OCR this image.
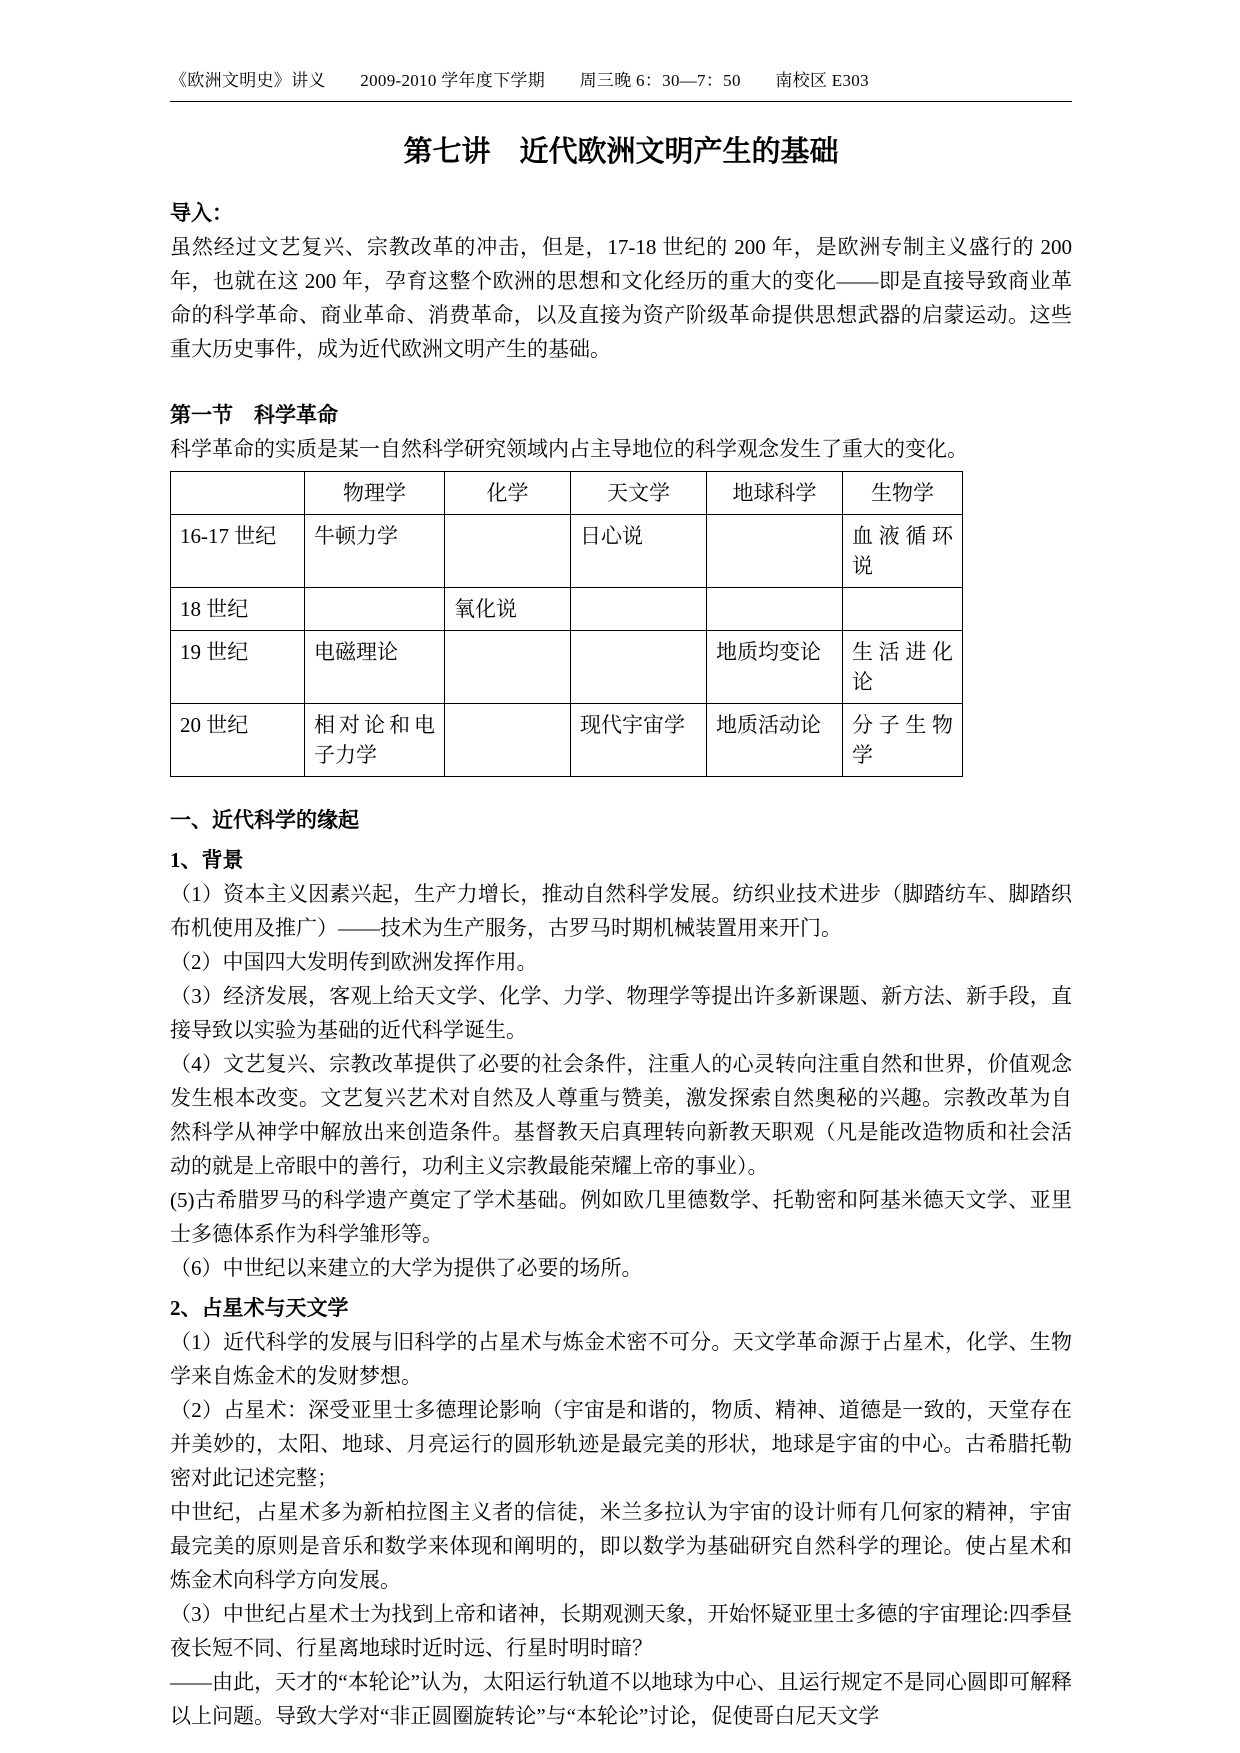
《欧洲文明史》讲义　　2009-2010 学年度下学期　　周三晚 6：30—7：50　　南校区 E303
第七讲　近代欧洲文明产生的基础

导入：

虽然经过文艺复兴、宗教改革的冲击，但是，17-18 世纪的 200 年，是欧洲专制主义盛行的 200 年，也就在这 200 年，孕育这整个欧洲的思想和文化经历的重大的变化——即是直接导致商业革命的科学革命、商业革命、消费革命，以及直接为资产阶级革命提供思想武器的启蒙运动。这些重大历史事件，成为近代欧洲文明产生的基础。

第一节　科学革命

科学革命的实质是某一自然科学研究领域内占主导地位的科学观念发生了重大的变化。

	物理学	化学	天文学	地球科学	生物学
16-17 世纪	牛顿力学		日心说		血液循环说
18 世纪		氧化说			
19 世纪	电磁理论			地质均变论	生活进化论
20 世纪	相对论和电子力学		现代宇宙学	地质活动论	分子生物学

一、近代科学的缘起

1、背景

（1）资本主义因素兴起，生产力增长，推动自然科学发展。纺织业技术进步（脚踏纺车、脚踏织布机使用及推广）——技术为生产服务，古罗马时期机械装置用来开门。

（2）中国四大发明传到欧洲发挥作用。

（3）经济发展，客观上给天文学、化学、力学、物理学等提出许多新课题、新方法、新手段，直接导致以实验为基础的近代科学诞生。

（4）文艺复兴、宗教改革提供了必要的社会条件，注重人的心灵转向注重自然和世界，价值观念发生根本改变。文艺复兴艺术对自然及人尊重与赞美，激发探索自然奥秘的兴趣。宗教改革为自然科学从神学中解放出来创造条件。基督教天启真理转向新教天职观（凡是能改造物质和社会活动的就是上帝眼中的善行，功利主义宗教最能荣耀上帝的事业）。

(5)古希腊罗马的科学遗产奠定了学术基础。例如欧几里德数学、托勒密和阿基米德天文学、亚里士多德体系作为科学雏形等。

（6）中世纪以来建立的大学为提供了必要的场所。

2、占星术与天文学

（1）近代科学的发展与旧科学的占星术与炼金术密不可分。天文学革命源于占星术，化学、生物学来自炼金术的发财梦想。

（2）占星术：深受亚里士多德理论影响（宇宙是和谐的，物质、精神、道德是一致的，天堂存在并美妙的，太阳、地球、月亮运行的圆形轨迹是最完美的形状，地球是宇宙的中心。古希腊托勒密对此记述完整；

中世纪，占星术多为新柏拉图主义者的信徒，米兰多拉认为宇宙的设计师有几何家的精神，宇宙最完美的原则是音乐和数学来体现和阐明的，即以数学为基础研究自然科学的理论。使占星术和炼金术向科学方向发展。

（3）中世纪占星术士为找到上帝和诸神，长期观测天象，开始怀疑亚里士多德的宇宙理论:四季昼夜长短不同、行星离地球时近时远、行星时明时暗？

——由此，天才的“本轮论”认为，太阳运行轨道不以地球为中心、且运行规定不是同心圆即可解释以上问题。导致大学对“非正圆圈旋转论”与“本轮论”讨论，促使哥白尼天文学
